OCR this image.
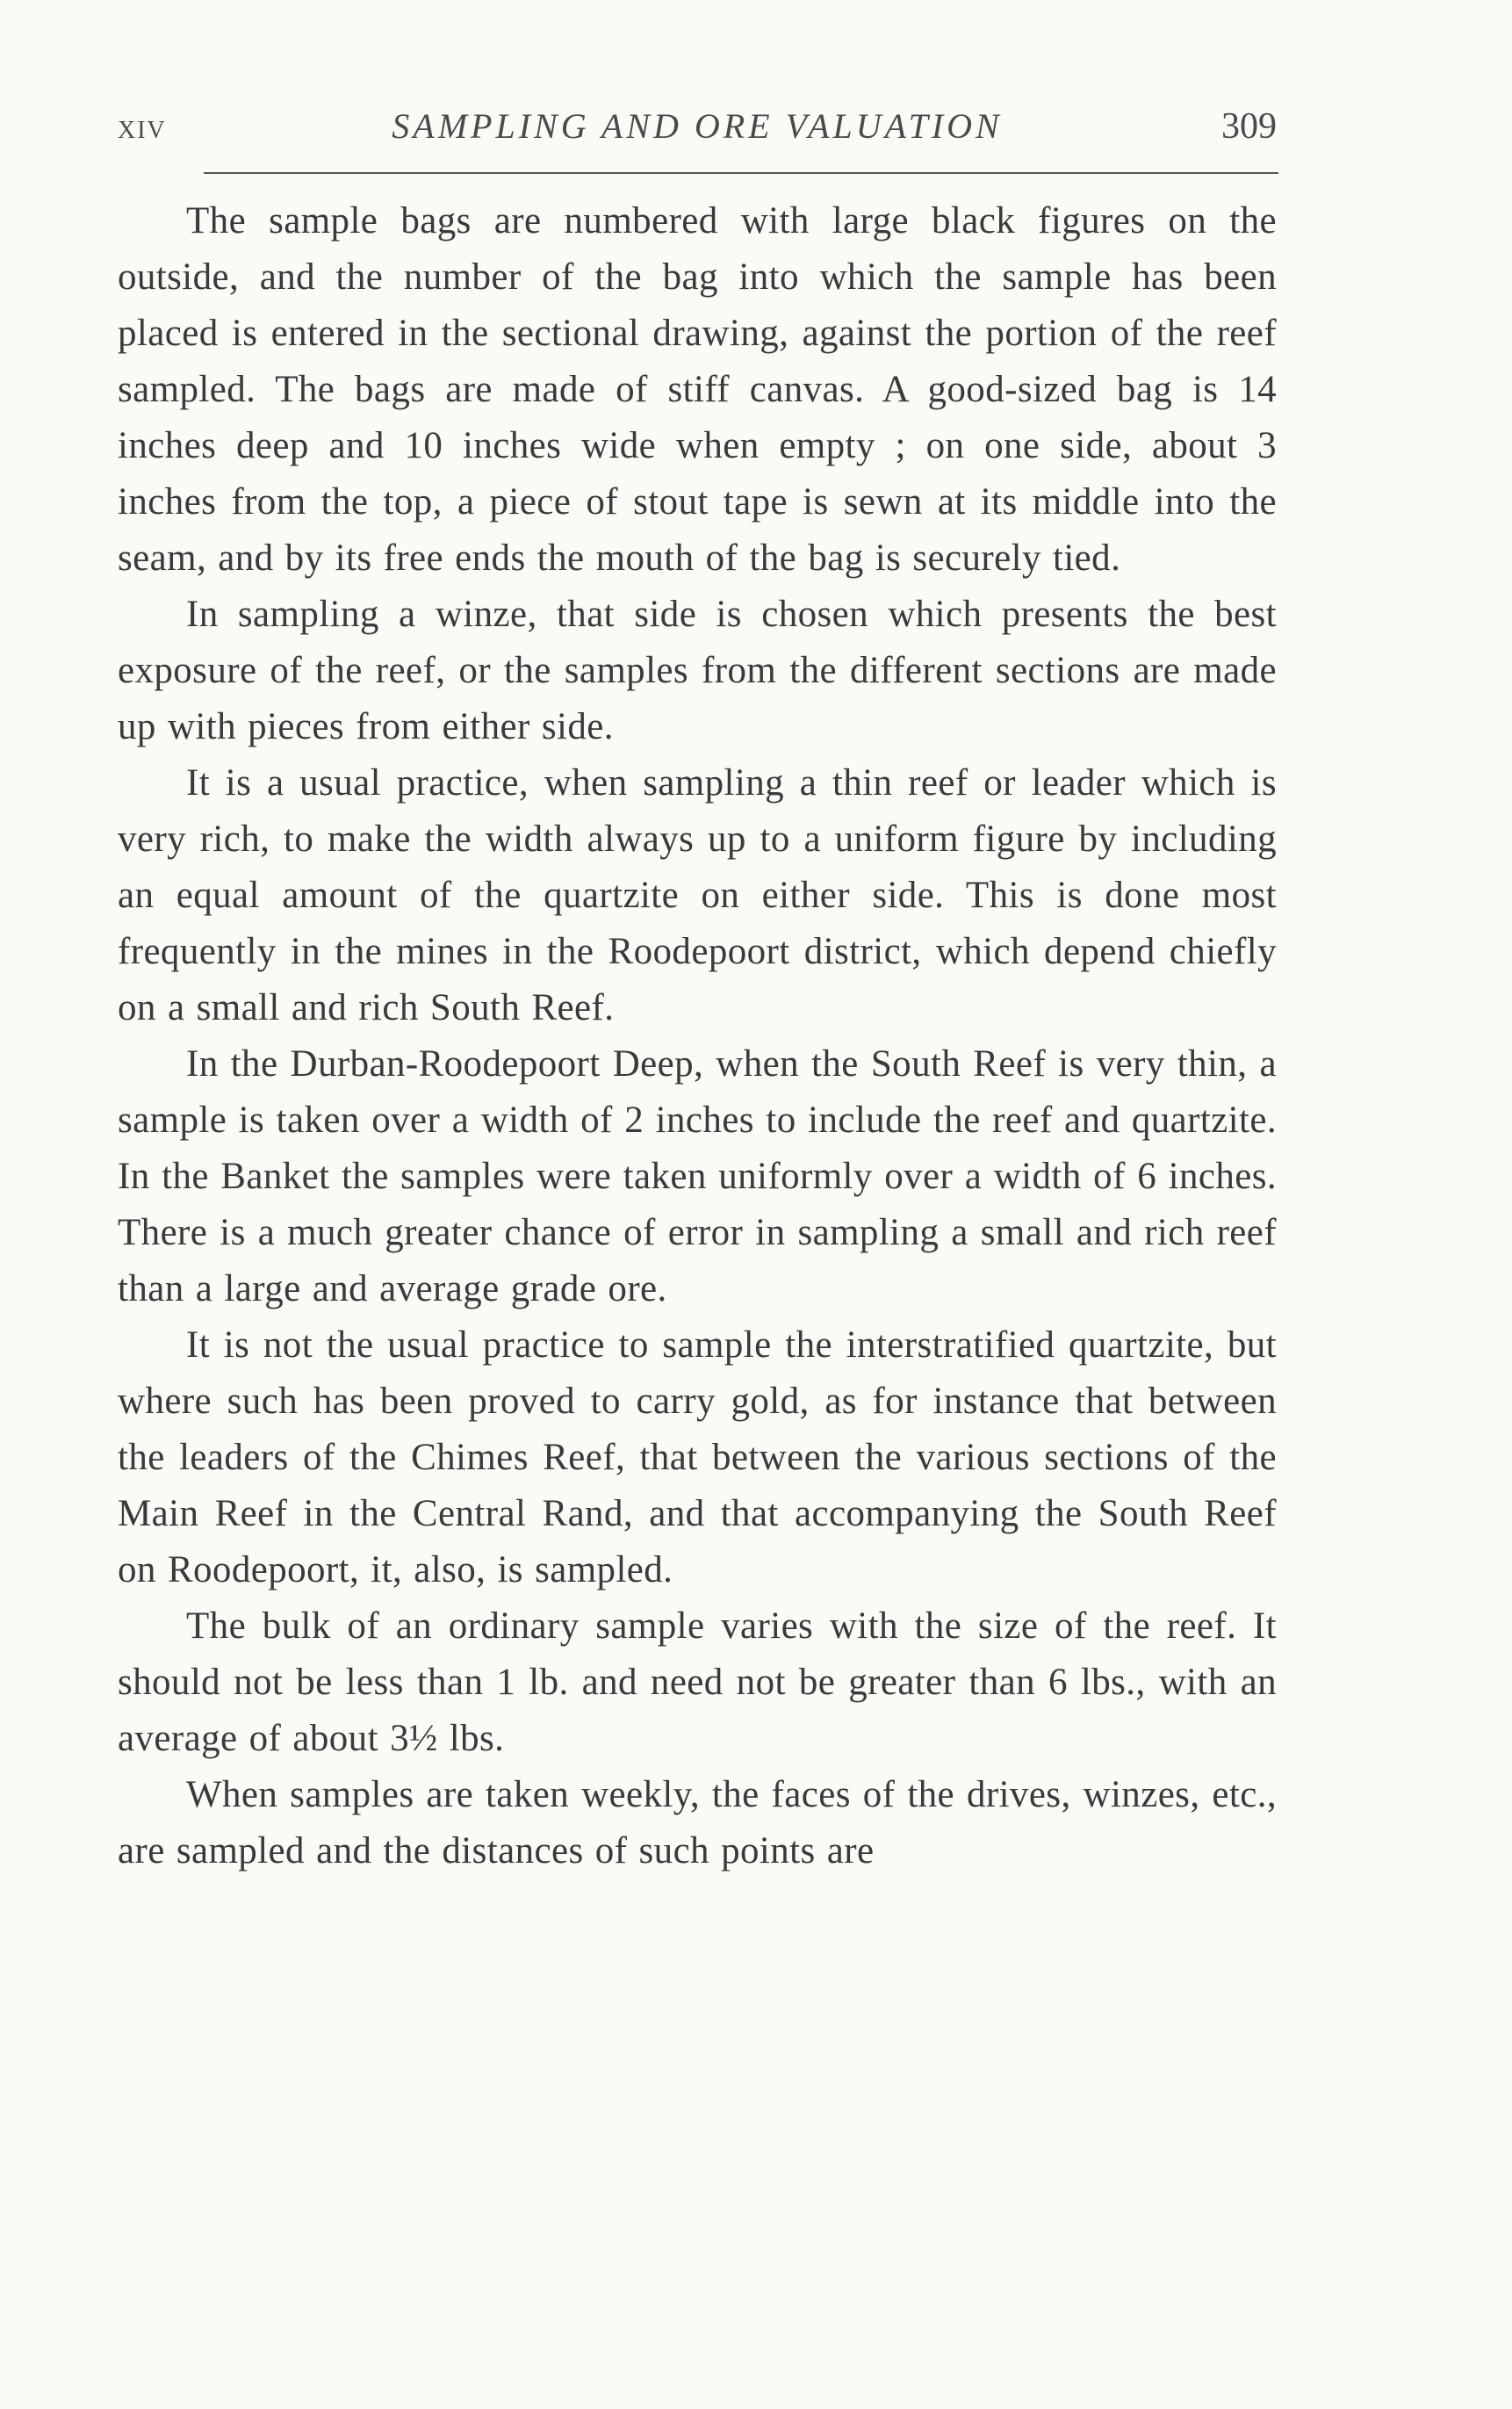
xiv	SAMPLING AND ORE VALUATION	309

The sample bags are numbered with large black figures on the outside, and the number of the bag into which the sample has been placed is entered in the sectional drawing, against the portion of the reef sampled. The bags are made of stiff canvas. A good-sized bag is 14 inches deep and 10 inches wide when empty ; on one side, about 3 inches from the top, a piece of stout tape is sewn at its middle into the seam, and by its free ends the mouth of the bag is securely tied.

In sampling a winze, that side is chosen which presents the best exposure of the reef, or the samples from the different sections are made up with pieces from either side.

It is a usual practice, when sampling a thin reef or leader which is very rich, to make the width always up to a uniform figure by including an equal amount of the quartzite on either side. This is done most frequently in the mines in the Roodepoort district, which depend chiefly on a small and rich South Reef.

In the Durban-Roodepoort Deep, when the South Reef is very thin, a sample is taken over a width of 2 inches to include the reef and quartzite. In the Banket the samples were taken uniformly over a width of 6 inches. There is a much greater chance of error in sampling a small and rich reef than a large and average grade ore.

It is not the usual practice to sample the interstratified quartzite, but where such has been proved to carry gold, as for instance that between the leaders of the Chimes Reef, that between the various sections of the Main Reef in the Central Rand, and that accompanying the South Reef on Roodepoort, it, also, is sampled.

The bulk of an ordinary sample varies with the size of the reef. It should not be less than 1 lb. and need not be greater than 6 lbs., with an average of about 3½ lbs.

When samples are taken weekly, the faces of the drives, winzes, etc., are sampled and the distances of such points are
